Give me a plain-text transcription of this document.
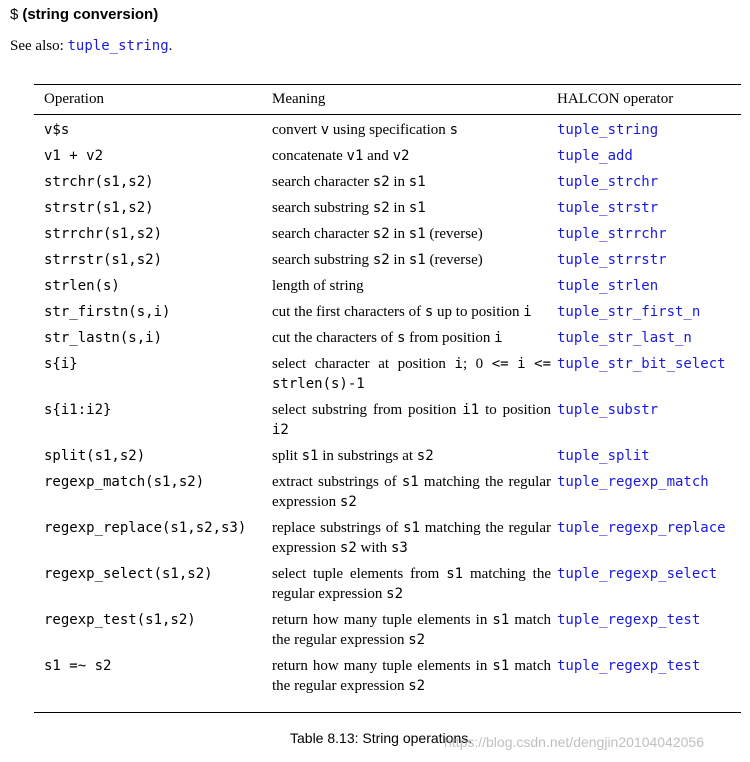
$ (string conversion)
See also: tuple_string.
Operation	Meaning	HALCON operator
v$s	convert v using specification s	tuple_string
v1 + v2	concatenate v1 and v2	tuple_add
strchr(s1,s2)	search character s2 in s1	tuple_strchr
strstr(s1,s2)	search substring s2 in s1	tuple_strstr
strrchr(s1,s2)	search character s2 in s1 (reverse)	tuple_strrchr
strrstr(s1,s2)	search substring s2 in s1 (reverse)	tuple_strrstr
strlen(s)	length of string	tuple_strlen
str_firstn(s,i)	cut the first characters of s up to position i	tuple_str_first_n
str_lastn(s,i)	cut the characters of s from position i	tuple_str_last_n
s{i}	select character at position i; 0 <= i <= strlen(s)-1	tuple_str_bit_select
s{i1:i2}	select substring from position i1 to position i2	tuple_substr
split(s1,s2)	split s1 in substrings at s2	tuple_split
regexp_match(s1,s2)	extract substrings of s1 matching the regular expression s2	tuple_regexp_match
regexp_replace(s1,s2,s3)	replace substrings of s1 matching the regular expression s2 with s3	tuple_regexp_replace
regexp_select(s1,s2)	select tuple elements from s1 matching the regular expression s2	tuple_regexp_select
regexp_test(s1,s2)	return how many tuple elements in s1 match the regular expression s2	tuple_regexp_test
s1 =~ s2	return how many tuple elements in s1 match the regular expression s2	tuple_regexp_test
Table 8.13: String operations.
https://blog.csdn.net/dengjin20104042056
